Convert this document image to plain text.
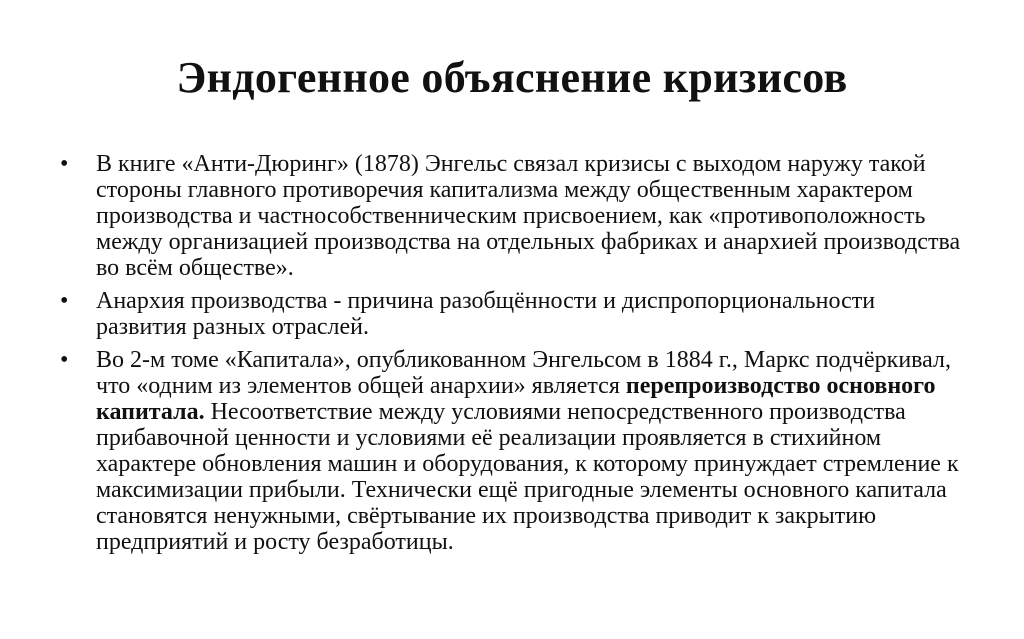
Эндогенное объяснение кризисов
•	В книге «Анти-Дюринг» (1878) Энгельс связал кризисы с выходом наружу такой стороны главного противоречия капитализма между общественным характером производства и частнособственническим присвоением, как «противоположность между организацией производства на отдельных фабриках и анархией производства во всём обществе».
•	Анархия производства - причина разобщённости и диспропорциональности развития разных отраслей.
•	Во 2-м томе «Капитала», опубликованном Энгельсом в 1884 г., Маркс подчёркивал, что «одним из элементов общей анархии» является перепроизводство основного капитала. Несоответствие между условиями непосредственного производства прибавочной ценности и условиями её реализации проявляется в стихийном характере обновления машин и оборудования, к которому принуждает стремление к максимизации прибыли. Технически ещё пригодные элементы основного капитала становятся ненужными, свёртывание их производства приводит к закрытию предприятий и росту безработицы.
